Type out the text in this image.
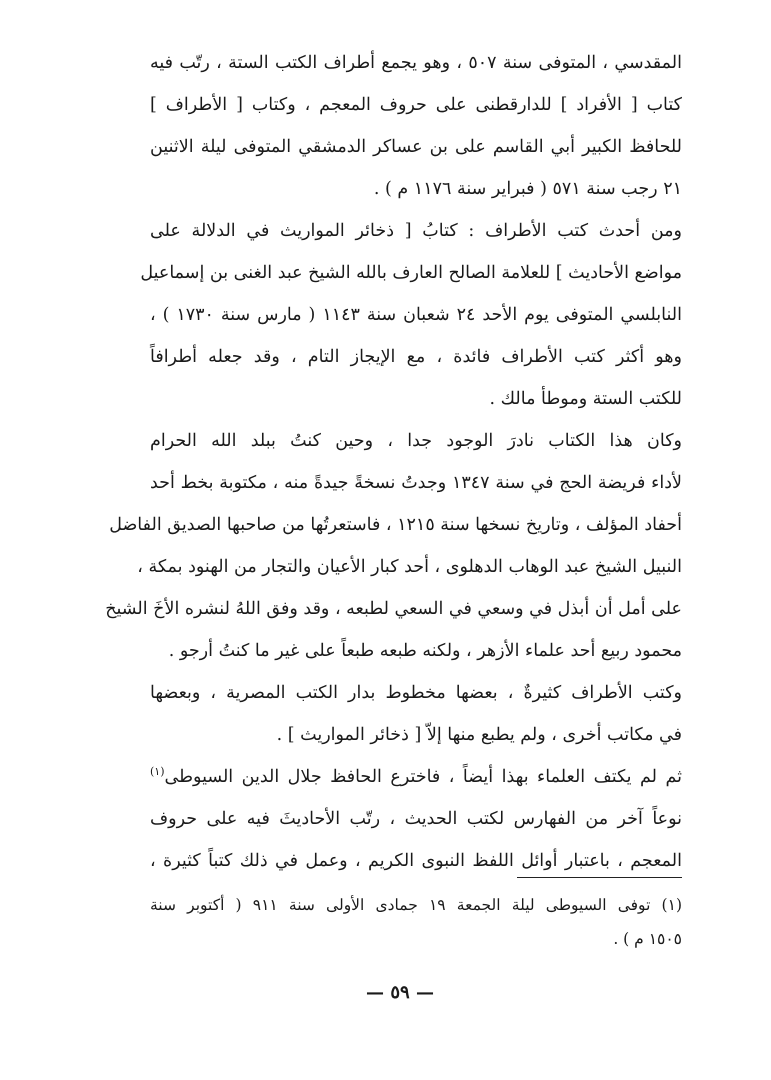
المقدسي ، المتوفى سنة ٥٠٧ ، وهو يجمع أطراف الكتب الستة ، رتّب فيه
كتاب [ الأفراد ] للدارقطنى على حروف المعجم ، وكتاب [ الأطراف ]
للحافظ الكبير أبي القاسم على بن عساكر الدمشقي المتوفى ليلة الاثنين
٢١ رجب سنة ٥٧١ ( فبراير سنة ١١٧٦ م ) .
ومن أحدث كتب الأطراف : كتابُ [ ذخائر المواريث في الدلالة على
مواضع الأحاديث ] للعلامة الصالح العارف بالله الشيخ عبد الغنى بن إسماعيل
النابلسي المتوفى يوم الأحد ٢٤ شعبان سنة ١١٤٣ ( مارس سنة ١٧٣٠ ) ،
وهو أكثر كتب الأطراف فائدة ، مع الإيجاز التام ، وقد جعله أطرافاً
للكتب الستة وموطأ مالك .
وكان هذا الكتاب نادرَ الوجود جدا ، وحين كنتُ ببلد الله الحرام
لأداء فريضة الحج في سنة ١٣٤٧ وجدتُ نسخةً جيدةً منه ، مكتوبة بخط أحد
أحفاد المؤلف ، وتاريخ نسخها سنة ١٢١٥ ، فاستعرتُها من صاحبها الصديق الفاضل
النبيل الشيخ عبد الوهاب الدهلوى ، أحد كبار الأعيان والتجار من الهنود بمكة ،
على أمل أن أبذل في وسعي في السعي لطبعه ، وقد وفق اللهُ لنشره الأخَ الشيخ
محمود ربيع أحد علماء الأزهر ، ولكنه طبعه طبعاً على غير ما كنتُ أرجو .
وكتب الأطراف كثيرةٌ ، بعضها مخطوط بدار الكتب المصرية ، وبعضها
في مكاتب أخرى ، ولم يطبع منها إلاّ [ ذخائر المواريث ] .
ثم لم يكتف العلماء بهذا أيضاً ، فاخترع الحافظ جلال الدين السيوطى$^{(١)}$
نوعاً آخر من الفهارس لكتب الحديث ، رتّب الأحاديثَ فيه على حروف
المعجم ، باعتبار أوائل اللفظ النبوى الكريم ، وعمل في ذلك كتباً كثيرة ،
(١) توفى السيوطى ليلة الجمعة ١٩ جمادى الأولى سنة ٩١١ ( أكتوبر سنة
١٥٠٥ م ) .
— ٥٩ —
